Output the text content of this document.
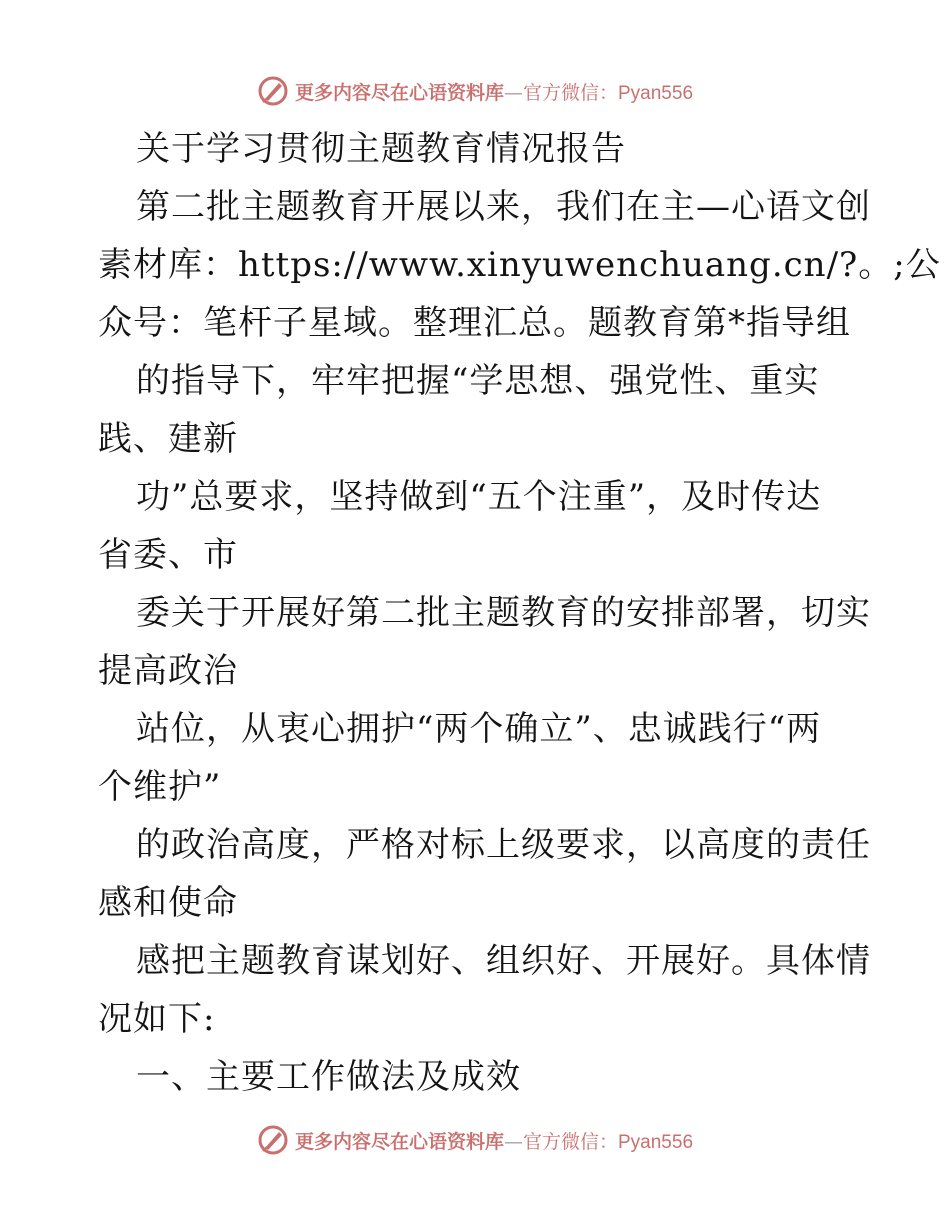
更多内容尽在心语资料库—官方微信：Pyan556
关于学习贯彻主题教育情况报告
第二批主题教育开展以来，我们在主—心语文创
素材库：https://www.xinyuwenchuang.cn/?。;公
众号：笔杆子星域。整理汇总。题教育第*指导组
的指导下，牢牢把握“学思想、强党性、重实
践、建新
功”总要求，坚持做到“五个注重”，及时传达
省委、市
委关于开展好第二批主题教育的安排部署，切实
提高政治
站位，从衷心拥护“两个确立”、忠诚践行“两
个维护”
的政治高度，严格对标上级要求，以高度的责任
感和使命
感把主题教育谋划好、组织好、开展好。具体情
况如下:
一、主要工作做法及成效
更多内容尽在心语资料库—官方微信：Pyan556
